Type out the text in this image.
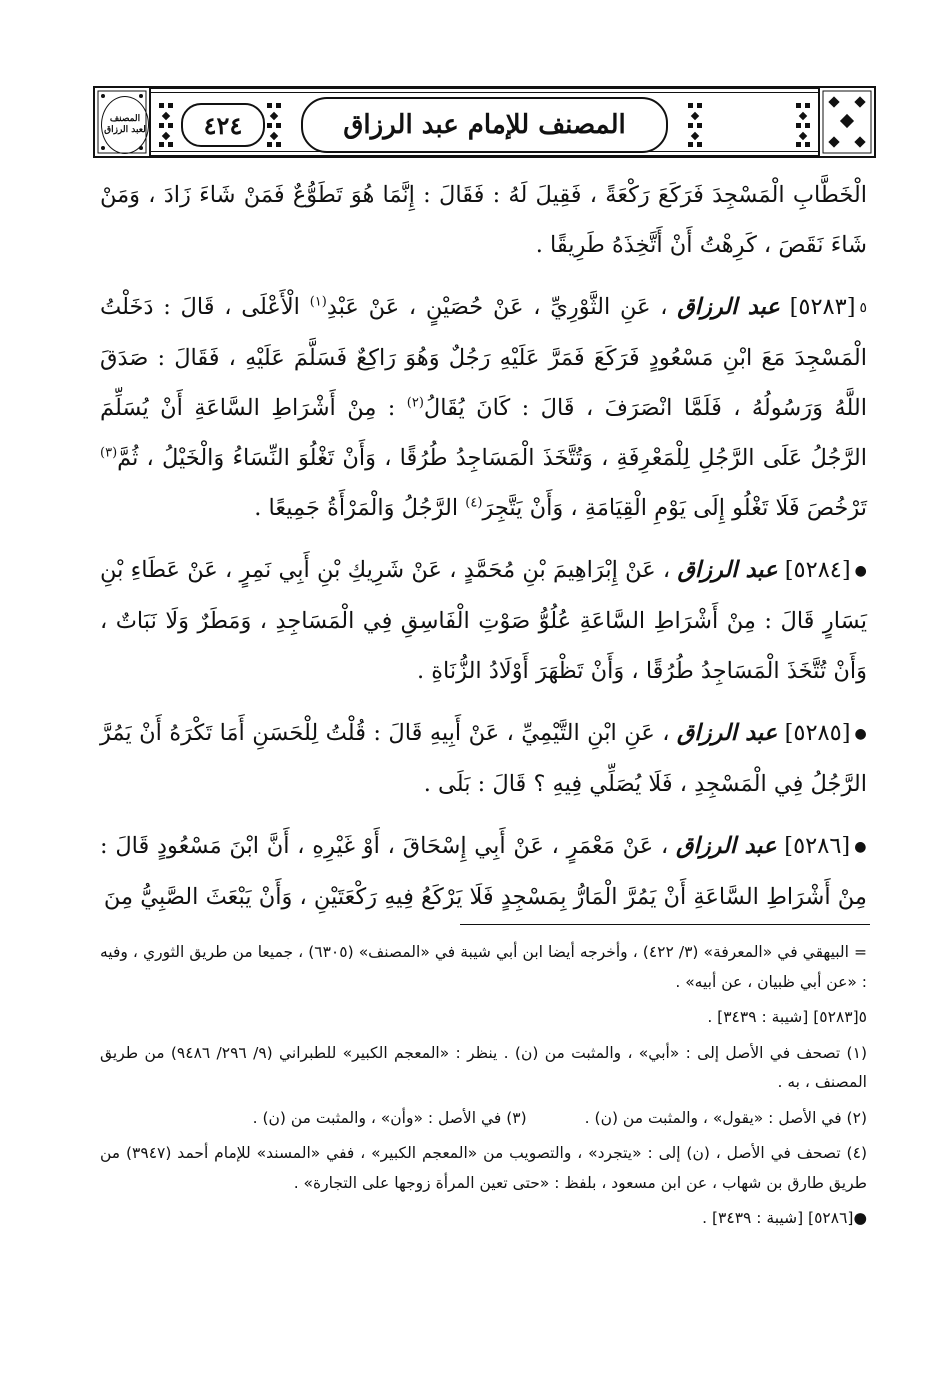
المصنف لعبد الرزاق	٤٢٤	المصنف للإمام عبد الرزاق

الْخَطَّابِ الْمَسْجِدَ فَرَكَعَ رَكْعَةً ، فَقِيلَ لَهُ : فَقَالَ : إِنَّمَا هُوَ تَطَوُّعٌ فَمَنْ شَاءَ زَادَ ، وَمَنْ شَاءَ نَقَصَ ، كَرِهْتُ أَنْ أَتَّخِذَهُ طَرِيقًا .

٥[٥٢٨٣] عبد الرزاق ، عَنِ الثَّوْرِيِّ ، عَنْ حُصَيْنٍ ، عَنْ عَبْدِ$^{(١)}$ الْأَعْلَى ، قَالَ : دَخَلْتُ الْمَسْجِدَ مَعَ ابْنِ مَسْعُودٍ فَرَكَعَ فَمَرَّ عَلَيْهِ رَجُلٌ وَهُوَ رَاكِعٌ فَسَلَّمَ عَلَيْهِ ، فَقَالَ : صَدَقَ اللَّهُ وَرَسُولُهُ ، فَلَمَّا انْصَرَفَ ، قَالَ : كَانَ يُقَالُ$^{(٢)}$ : مِنْ أَشْرَاطِ السَّاعَةِ أَنْ يُسَلِّمَ الرَّجُلُ عَلَى الرَّجُلِ لِلْمَعْرِفَةِ ، وَتُتَّخَذَ الْمَسَاجِدُ طُرُقًا ، وَأَنْ تَغْلُوَ النِّسَاءُ وَالْخَيْلُ ، ثُمَّ$^{(٣)}$ تَرْخُصَ فَلَا تَغْلُو إِلَى يَوْمِ الْقِيَامَةِ ، وَأَنْ يَتَّجِرَ$^{(٤)}$ الرَّجُلُ وَالْمَرْأَةُ جَمِيعًا .

●[٥٢٨٤] عبد الرزاق ، عَنْ إِبْرَاهِيمَ بْنِ مُحَمَّدٍ ، عَنْ شَرِيكِ بْنِ أَبِي نَمِرٍ ، عَنْ عَطَاءِ بْنِ يَسَارٍ قَالَ : مِنْ أَشْرَاطِ السَّاعَةِ عُلُوُّ صَوْتِ الْفَاسِقِ فِي الْمَسَاجِدِ ، وَمَطَرٌ وَلَا نَبَاتٌ ، وَأَنْ تُتَّخَذَ الْمَسَاجِدُ طُرُقًا ، وَأَنْ تَظْهَرَ أَوْلَادُ الزُّنَاةِ .

●[٥٢٨٥] عبد الرزاق ، عَنِ ابْنِ التَّيْمِيِّ ، عَنْ أَبِيهِ قَالَ : قُلْتُ لِلْحَسَنِ أَمَا تَكْرَهُ أَنْ يَمُرَّ الرَّجُلُ فِي الْمَسْجِدِ ، فَلَا يُصَلِّي فِيهِ ؟ قَالَ : بَلَى .

●[٥٢٨٦] عبد الرزاق ، عَنْ مَعْمَرٍ ، عَنْ أَبِي إِسْحَاقَ ، أَوْ غَيْرِهِ ، أَنَّ ابْنَ مَسْعُودٍ قَالَ : مِنْ أَشْرَاطِ السَّاعَةِ أَنْ يَمُرَّ الْمَارُّ بِمَسْجِدٍ فَلَا يَرْكَعُ فِيهِ رَكْعَتَيْنِ ، وَأَنْ يَبْعَثَ الصَّبِيُّ مِنَ

= البيهقي في «المعرفة» (٣/ ٤٢٢) ، وأخرجه أيضا ابن أبي شيبة في «المصنف» (٦٣٠٥) ، جميعا من طريق الثوري ، وفيه : «عن أبي ظبيان ، عن أبيه» .

٥[٥٢٨٣] [شيبة : ٣٤٣٩] .

(١) تصحف في الأصل إلى : «أبي» ، والمثبت من (ن) . ينظر : «المعجم الكبير» للطبراني (٩/ ٢٩٦/ ٩٤٨٦) من طريق المصنف ، به .

(٢) في الأصل : «يقول» ، والمثبت من (ن) .
(٣) في الأصل : «وأن» ، والمثبت من (ن) .

(٤) تصحف في الأصل ، (ن) إلى : «يتجرد» ، والتصويب من «المعجم الكبير» ، ففي «المسند» للإمام أحمد (٣٩٤٧) من طريق طارق بن شهاب ، عن ابن مسعود ، بلفظ : «حتى تعين المرأة زوجها على التجارة» .

●[٥٢٨٦] [شيبة : ٣٤٣٩] .
